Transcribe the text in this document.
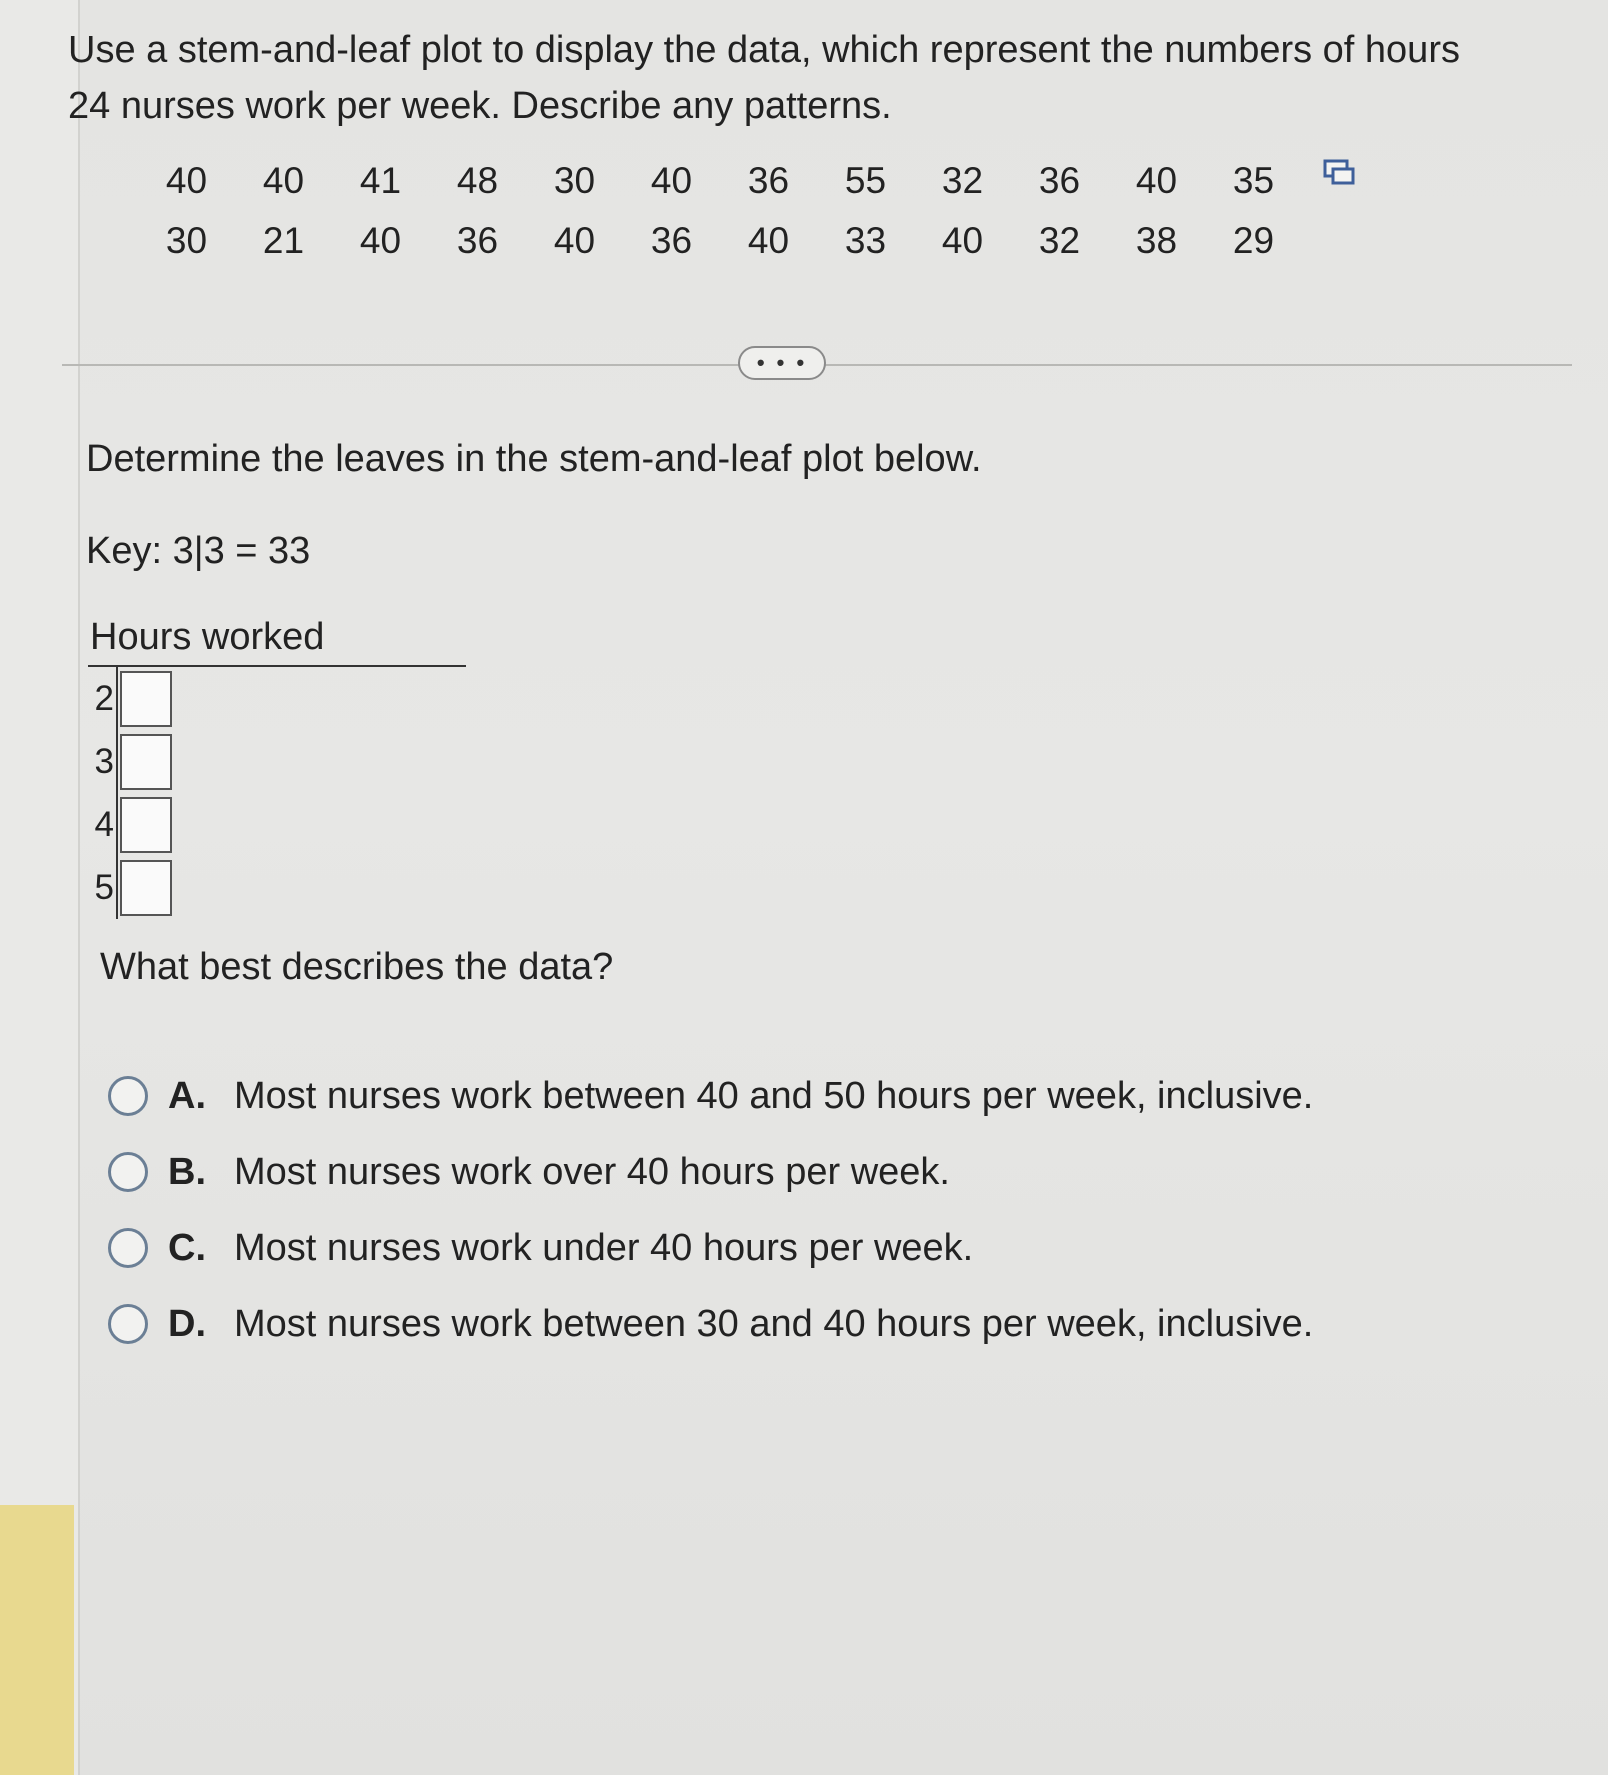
Use a stem-and-leaf plot to display the data, which represent the numbers of hours 24 nurses work per week. Describe any patterns.

40	40	41	48	30	40	36	55	32	36	40	35
30	21	40	36	40	36	40	33	40	32	38	29
• • •
Determine the leaves in the stem-and-leaf plot below.
Key: 3|3 = 33
Hours worked
2
3
4
5
What best describes the data?
A. Most nurses work between 40 and 50 hours per week, inclusive.
B. Most nurses work over 40 hours per week.
C. Most nurses work under 40 hours per week.
D. Most nurses work between 30 and 40 hours per week, inclusive.
